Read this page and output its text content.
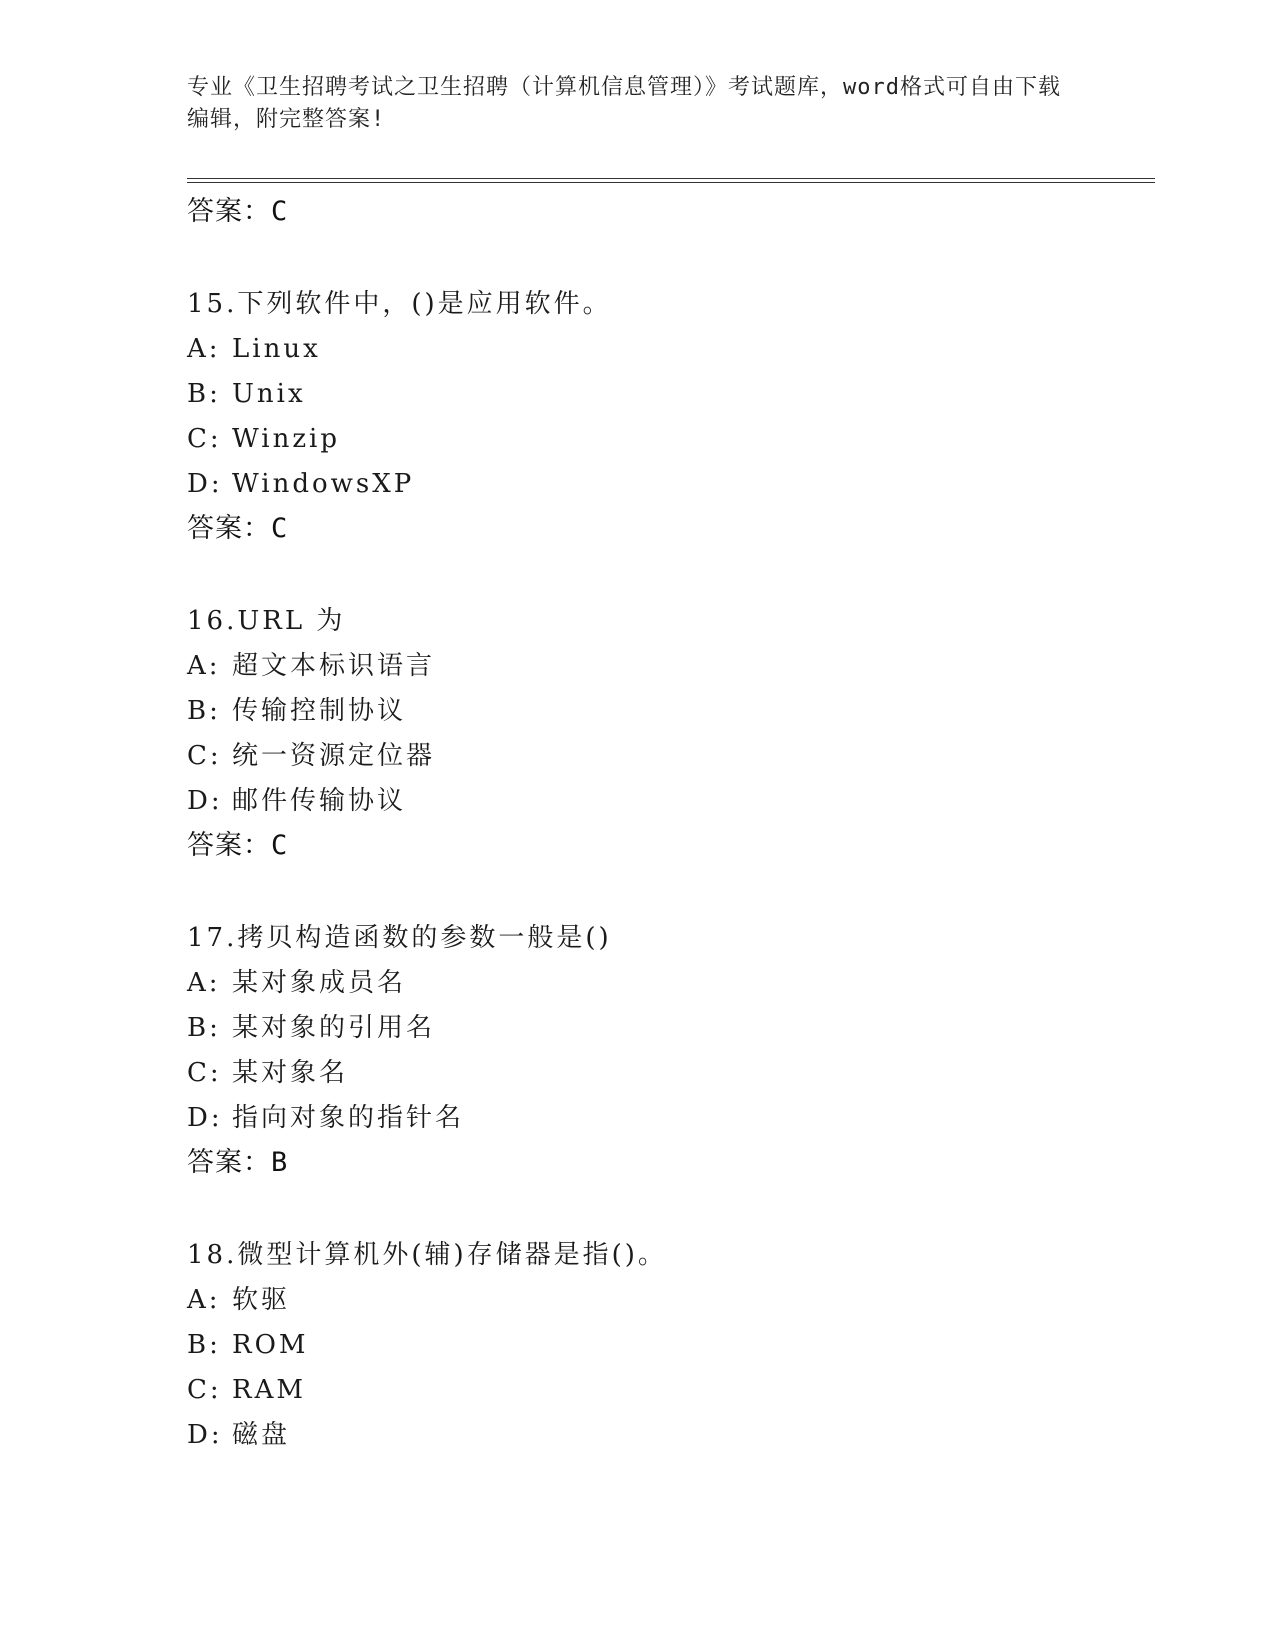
专业《卫生招聘考试之卫生招聘（计算机信息管理）》考试题库，word格式可自由下载编辑，附完整答案!
答案：C
15.下列软件中，()是应用软件。
A: Linux
B: Unix
C: Winzip
D: WindowsXP
答案：C
16.URL 为
A: 超文本标识语言
B: 传输控制协议
C: 统一资源定位器
D: 邮件传输协议
答案：C
17.拷贝构造函数的参数一般是()
A: 某对象成员名
B: 某对象的引用名
C: 某对象名
D: 指向对象的指针名
答案：B
18.微型计算机外(辅)存储器是指()。
A: 软驱
B: ROM
C: RAM
D: 磁盘
